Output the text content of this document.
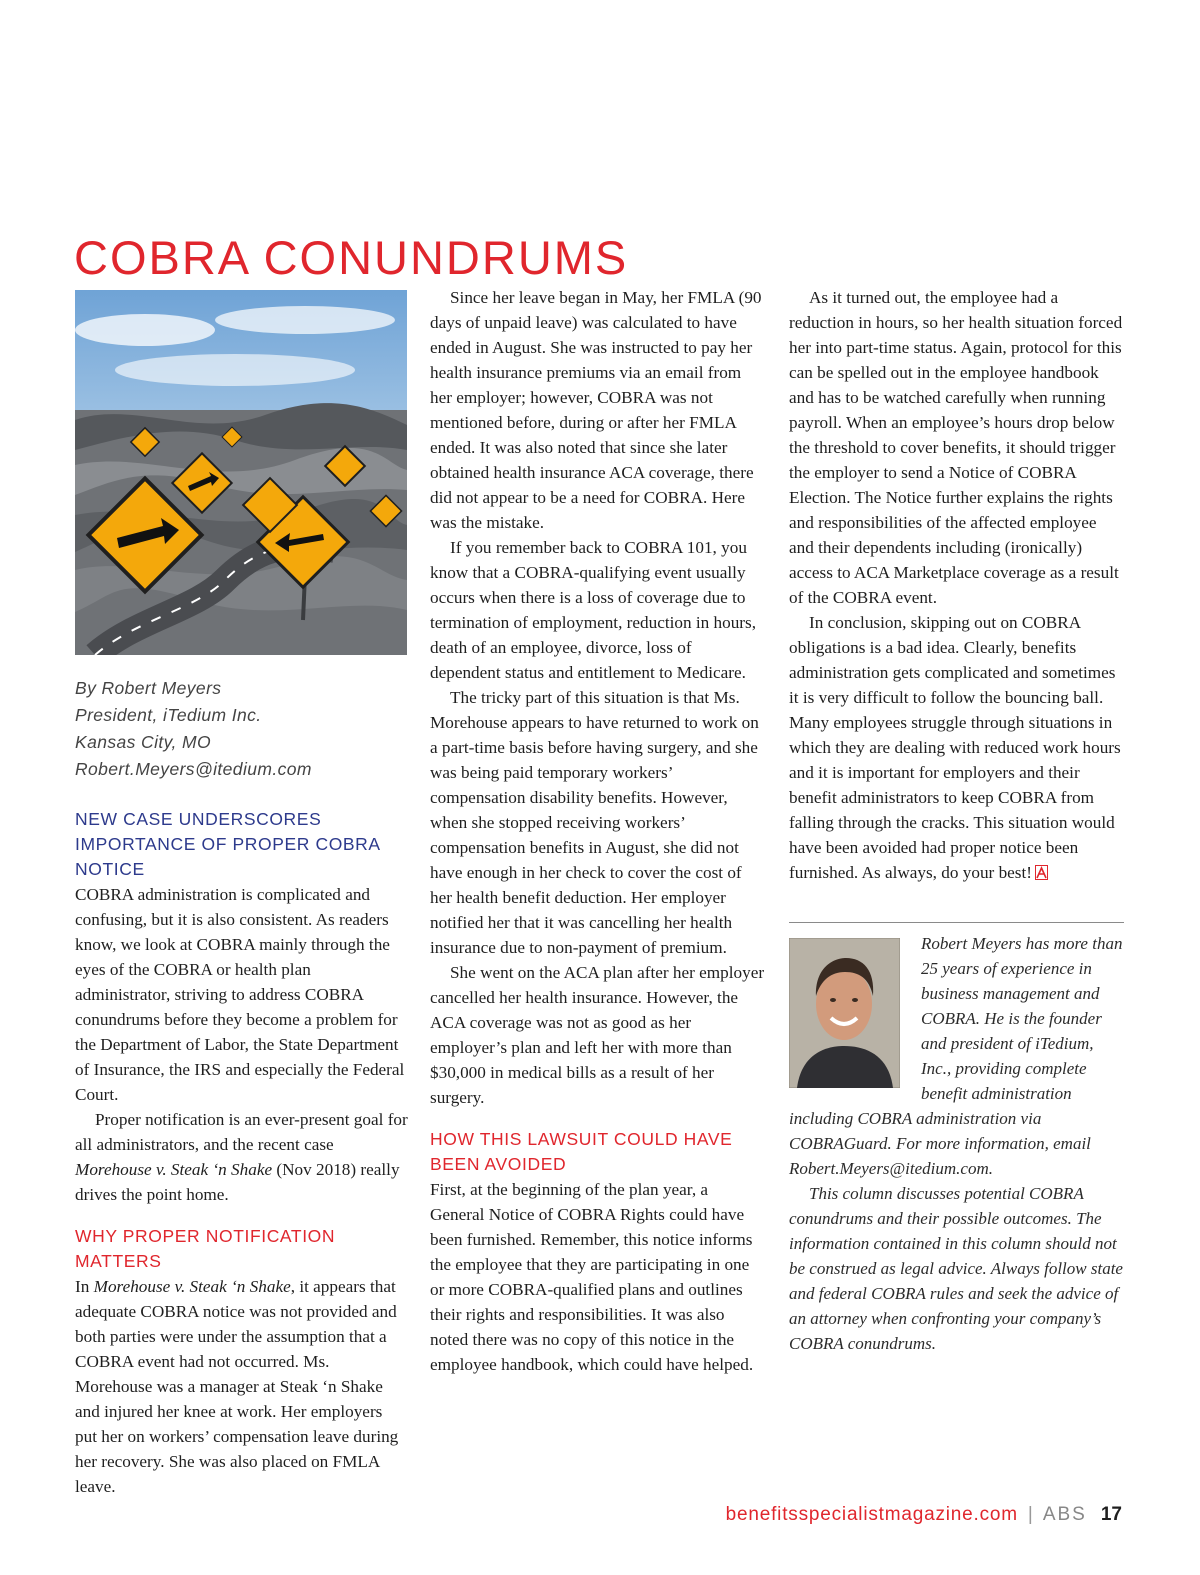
COBRA CONUNDRUMS
By Robert Meyers
President, iTedium Inc.
Kansas City, MO
Robert.Meyers@itedium.com
NEW CASE UNDERSCORES IMPORTANCE OF PROPER COBRA NOTICE

COBRA administration is complicated and confusing, but it is also consistent. As readers know, we look at COBRA mainly through the eyes of the COBRA or health plan administrator, striving to address COBRA conundrums before they become a problem for the Department of Labor, the State Department of Insurance, the IRS and especially the Federal Court.

Proper notification is an ever-present goal for all administrators, and the recent case Morehouse v. Steak ‘n Shake (Nov 2018) really drives the point home.

WHY PROPER NOTIFICATION MATTERS

In Morehouse v. Steak ‘n Shake, it appears that adequate COBRA notice was not provided and both parties were under the assumption that a COBRA event had not occurred. Ms. Morehouse was a manager at Steak ‘n Shake and injured her knee at work. Her employers put her on workers’ compensation leave during her recovery. She was also placed on FMLA leave.

Since her leave began in May, her FMLA (90 days of unpaid leave) was calculated to have ended in August. She was instructed to pay her health insurance premiums via an email from her employer; however, COBRA was not mentioned before, during or after her FMLA ended. It was also noted that since she later obtained health insurance ACA coverage, there did not appear to be a need for COBRA. Here was the mistake.

If you remember back to COBRA 101, you know that a COBRA-qualifying event usually occurs when there is a loss of coverage due to termination of employment, reduction in hours, death of an employee, divorce, loss of dependent status and entitlement to Medicare.

The tricky part of this situation is that Ms. Morehouse appears to have returned to work on a part-time basis before having surgery, and she was being paid temporary workers’ compensation disability benefits. However, when she stopped receiving workers’ compensation benefits in August, she did not have enough in her check to cover the cost of her health benefit deduction. Her employer notified her that it was cancelling her health insurance due to non-payment of premium.

She went on the ACA plan after her employer cancelled her health insurance. However, the ACA coverage was not as good as her employer’s plan and left her with more than $30,000 in medical bills as a result of her surgery.

HOW THIS LAWSUIT COULD HAVE BEEN AVOIDED

First, at the beginning of the plan year, a General Notice of COBRA Rights could have been furnished. Remember, this notice informs the employee that they are participating in one or more COBRA-qualified plans and outlines their rights and responsibilities. It was also noted there was no copy of this notice in the employee handbook, which could have helped.

As it turned out, the employee had a reduction in hours, so her health situation forced her into part-time status. Again, protocol for this can be spelled out in the employee handbook and has to be watched carefully when running payroll. When an employee’s hours drop below the threshold to cover benefits, it should trigger the employer to send a Notice of COBRA Election. The Notice further explains the rights and responsibilities of the affected employee and their dependents including (ironically) access to ACA Marketplace coverage as a result of the COBRA event.

In conclusion, skipping out on COBRA obligations is a bad idea. Clearly, benefits administration gets complicated and sometimes it is very difficult to follow the bouncing ball. Many employees struggle through situations in which they are dealing with reduced work hours and it is important for employers and their benefit administrators to keep COBRA from falling through the cracks. This situation would have been avoided had proper notice been furnished. As always, do your best!

Robert Meyers has more than 25 years of experience in business management and COBRA. He is the founder and president of iTedium, Inc., providing complete benefit administration including COBRA administration via COBRAGuard. For more information, email Robert.Meyers@itedium.com.

This column discusses potential COBRA conundrums and their possible outcomes. The information contained in this column should not be construed as legal advice. Always follow state and federal COBRA rules and seek the advice of an attorney when confronting your company’s COBRA conundrums.

benefitsspecialistmagazine.com | ABS 17
